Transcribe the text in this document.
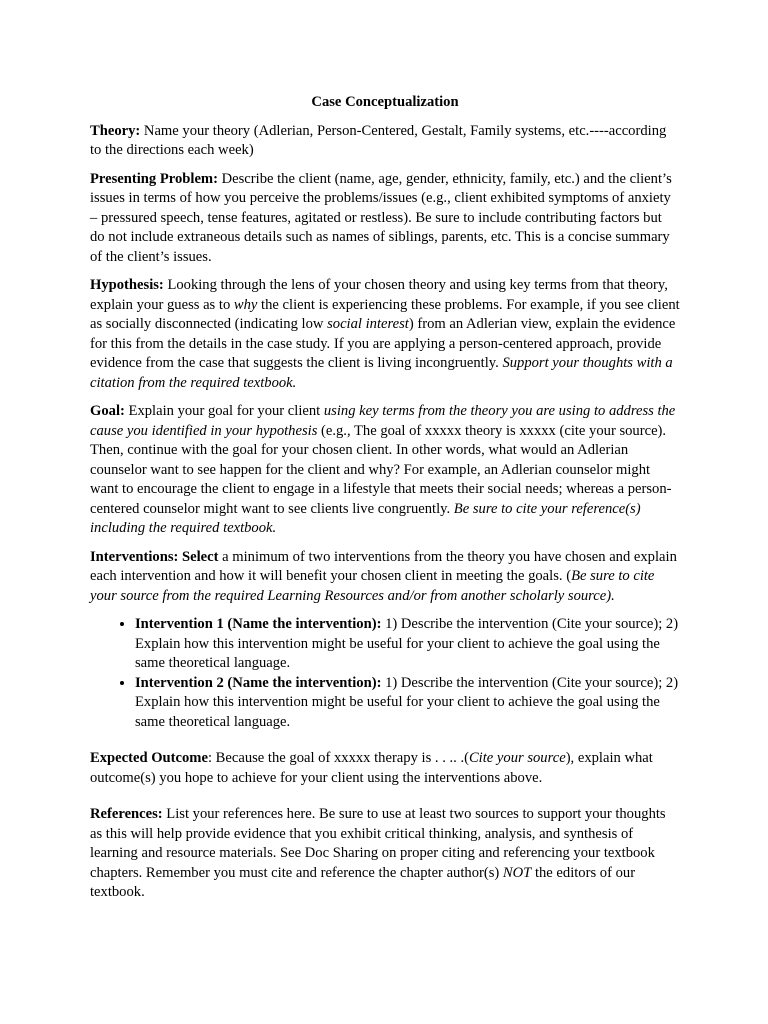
Case Conceptualization

Theory: Name your theory (Adlerian, Person-Centered, Gestalt, Family systems, etc.----according to the directions each week)

Presenting Problem: Describe the client (name, age, gender, ethnicity, family, etc.) and the client’s issues in terms of how you perceive the problems/issues (e.g., client exhibited symptoms of anxiety – pressured speech, tense features, agitated or restless). Be sure to include contributing factors but do not include extraneous details such as names of siblings, parents, etc. This is a concise summary of the client’s issues.

Hypothesis: Looking through the lens of your chosen theory and using key terms from that theory, explain your guess as to why the client is experiencing these problems. For example, if you see client as socially disconnected (indicating low social interest) from an Adlerian view, explain the evidence for this from the details in the case study. If you are applying a person-centered approach, provide evidence from the case that suggests the client is living incongruently. Support your thoughts with a citation from the required textbook.

Goal: Explain your goal for your client using key terms from the theory you are using to address the cause you identified in your hypothesis (e.g., The goal of xxxxx theory is xxxxx (cite your source). Then, continue with the goal for your chosen client. In other words, what would an Adlerian counselor want to see happen for the client and why? For example, an Adlerian counselor might want to encourage the client to engage in a lifestyle that meets their social needs; whereas a person-centered counselor might want to see clients live congruently. Be sure to cite your reference(s) including the required textbook.

Interventions: Select a minimum of two interventions from the theory you have chosen and explain each intervention and how it will benefit your chosen client in meeting the goals. (Be sure to cite your source from the required Learning Resources and/or from another scholarly source).

• Intervention 1 (Name the intervention): 1) Describe the intervention (Cite your source); 2) Explain how this intervention might be useful for your client to achieve the goal using the same theoretical language.
• Intervention 2 (Name the intervention): 1) Describe the intervention (Cite your source); 2) Explain how this intervention might be useful for your client to achieve the goal using the same theoretical language.

Expected Outcome: Because the goal of xxxxx therapy is . . .. .(Cite your source), explain what outcome(s) you hope to achieve for your client using the interventions above.

References: List your references here. Be sure to use at least two sources to support your thoughts as this will help provide evidence that you exhibit critical thinking, analysis, and synthesis of learning and resource materials. See Doc Sharing on proper citing and referencing your textbook chapters. Remember you must cite and reference the chapter author(s) NOT the editors of our textbook.
